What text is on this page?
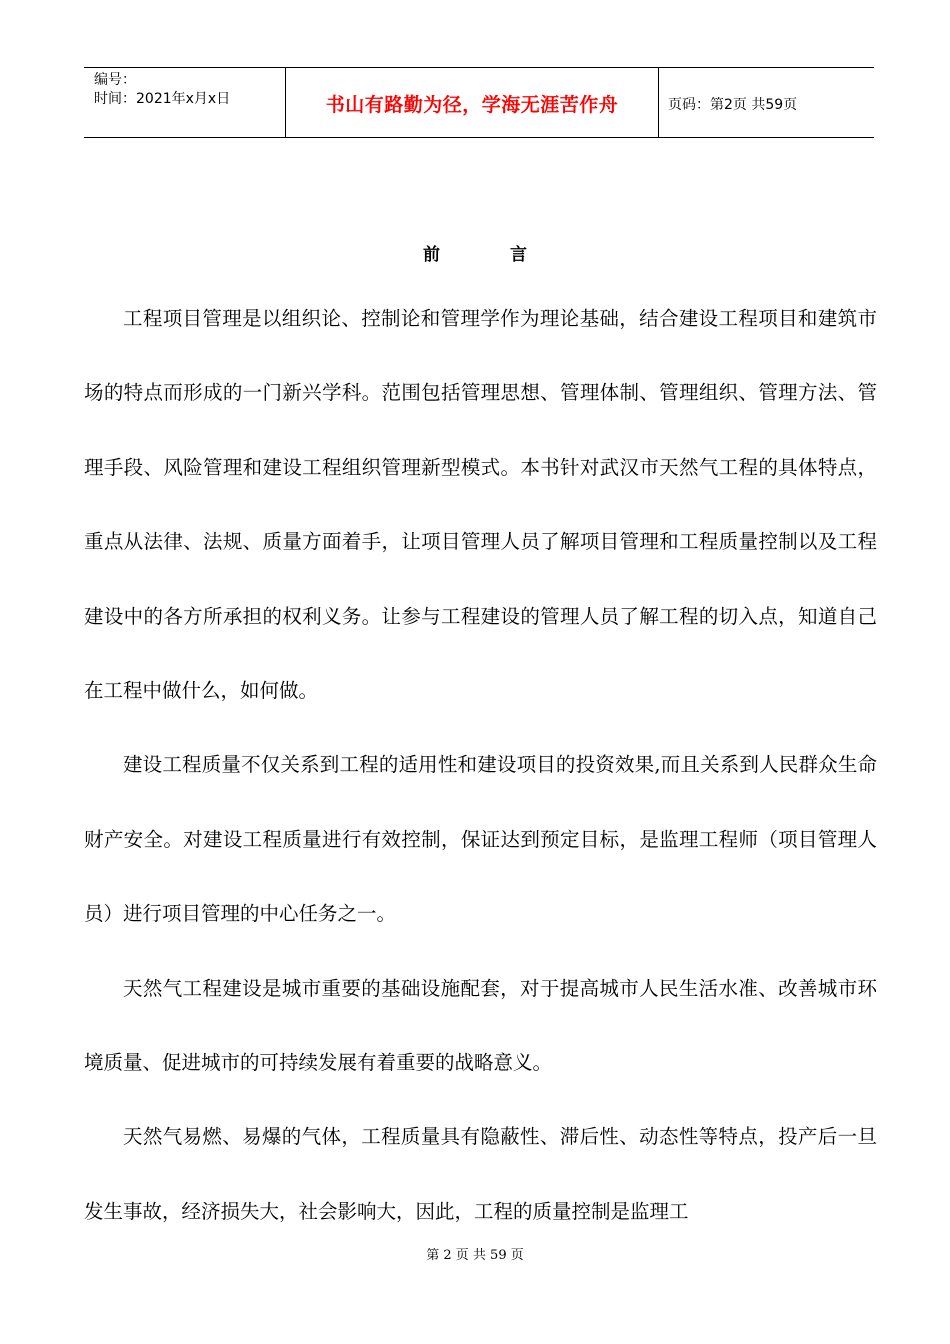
编号：
时间：2021年x月x日	书山有路勤为径，学海无涯苦作舟	页码：第2页 共59页
前 言

工程项目管理是以组织论、控制论和管理学作为理论基础，结合建设工程项目和建筑市场的特点而形成的一门新兴学科。范围包括管理思想、管理体制、管理组织、管理方法、管理手段、风险管理和建设工程组织管理新型模式。本书针对武汉市天然气工程的具体特点，重点从法律、法规、质量方面着手，让项目管理人员了解项目管理和工程质量控制以及工程建设中的各方所承担的权利义务。让参与工程建设的管理人员了解工程的切入点，知道自己在工程中做什么，如何做。

建设工程质量不仅关系到工程的适用性和建设项目的投资效果,而且关系到人民群众生命财产安全。对建设工程质量进行有效控制，保证达到预定目标，是监理工程师（项目管理人员）进行项目管理的中心任务之一。

天然气工程建设是城市重要的基础设施配套，对于提高城市人民生活水准、改善城市环境质量、促进城市的可持续发展有着重要的战略意义。

天然气易燃、易爆的气体，工程质量具有隐蔽性、滞后性、动态性等特点，投产后一旦发生事故，经济损失大，社会影响大，因此，工程的质量控制是监理工

第 2 页 共 59 页
